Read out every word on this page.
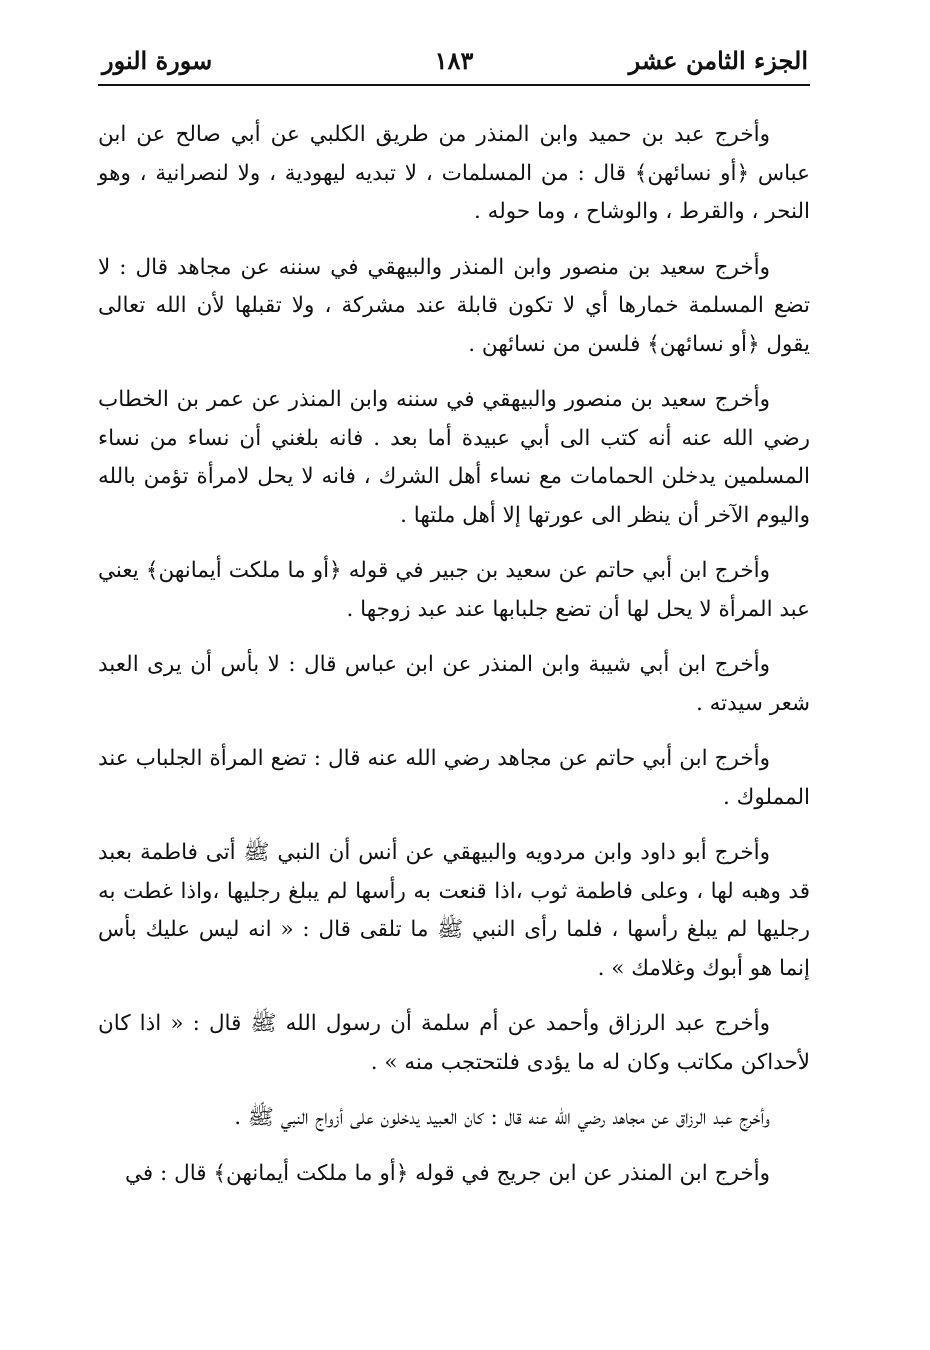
الجزء الثامن عشر
١٨٣
سورة النور

وأخرج عبد بن حميد وابن المنذر من طريق الكلبي عن أبي صالح عن ابن عباس ﴿أو نسائهن﴾ قال : من المسلمات ، لا تبديه ليهودية ، ولا لنصرانية ، وهو النحر ، والقرط ، والوشاح ، وما حوله .

وأخرج سعيد بن منصور وابن المنذر والبيهقي في سننه عن مجاهد قال : لا تضع المسلمة خمارها أي لا تكون قابلة عند مشركة ، ولا تقبلها لأن الله تعالى يقول ﴿أو نسائهن﴾ فلسن من نسائهن .

وأخرج سعيد بن منصور والبيهقي في سننه وابن المنذر عن عمر بن الخطاب رضي الله عنه أنه كتب الى أبي عبيدة أما بعد . فانه بلغني أن نساء من نساء المسلمين يدخلن الحمامات مع نساء أهل الشرك ، فانه لا يحل لامرأة تؤمن بالله واليوم الآخر أن ينظر الى عورتها إلا أهل ملتها .

وأخرج ابن أبي حاتم عن سعيد بن جبير في قوله ﴿أو ما ملكت أيمانهن﴾ يعني عبد المرأة لا يحل لها أن تضع جلبابها عند عبد زوجها .

وأخرج ابن أبي شيبة وابن المنذر عن ابن عباس قال : لا بأس أن يرى العبد شعر سيدته .

وأخرج ابن أبي حاتم عن مجاهد رضي الله عنه قال : تضع المرأة الجلباب عند المملوك .

وأخرج أبو داود وابن مردويه والبيهقي عن أنس أن النبي ﷺ أتى فاطمة بعبد قد وهبه لها ، وعلى فاطمة ثوب ،اذا قنعت به رأسها لم يبلغ رجليها ،واذا غطت به رجليها لم يبلغ رأسها ، فلما رأى النبي ﷺ ما تلقى قال : « انه ليس عليك بأس إنما هو أبوك وغلامك » .

وأخرج عبد الرزاق وأحمد عن أم سلمة أن رسول الله ﷺ قال : « اذا كان لأحداكن مكاتب وكان له ما يؤدى فلتحتجب منه » .

وأخرج عبد الرزاق عن مجاهد رضي الله عنه قال : كان العبيد يدخلون على أزواج النبي ﷺ .

وأخرج ابن المنذر عن ابن جريج في قوله ﴿أو ما ملكت أيمانهن﴾ قال : في
